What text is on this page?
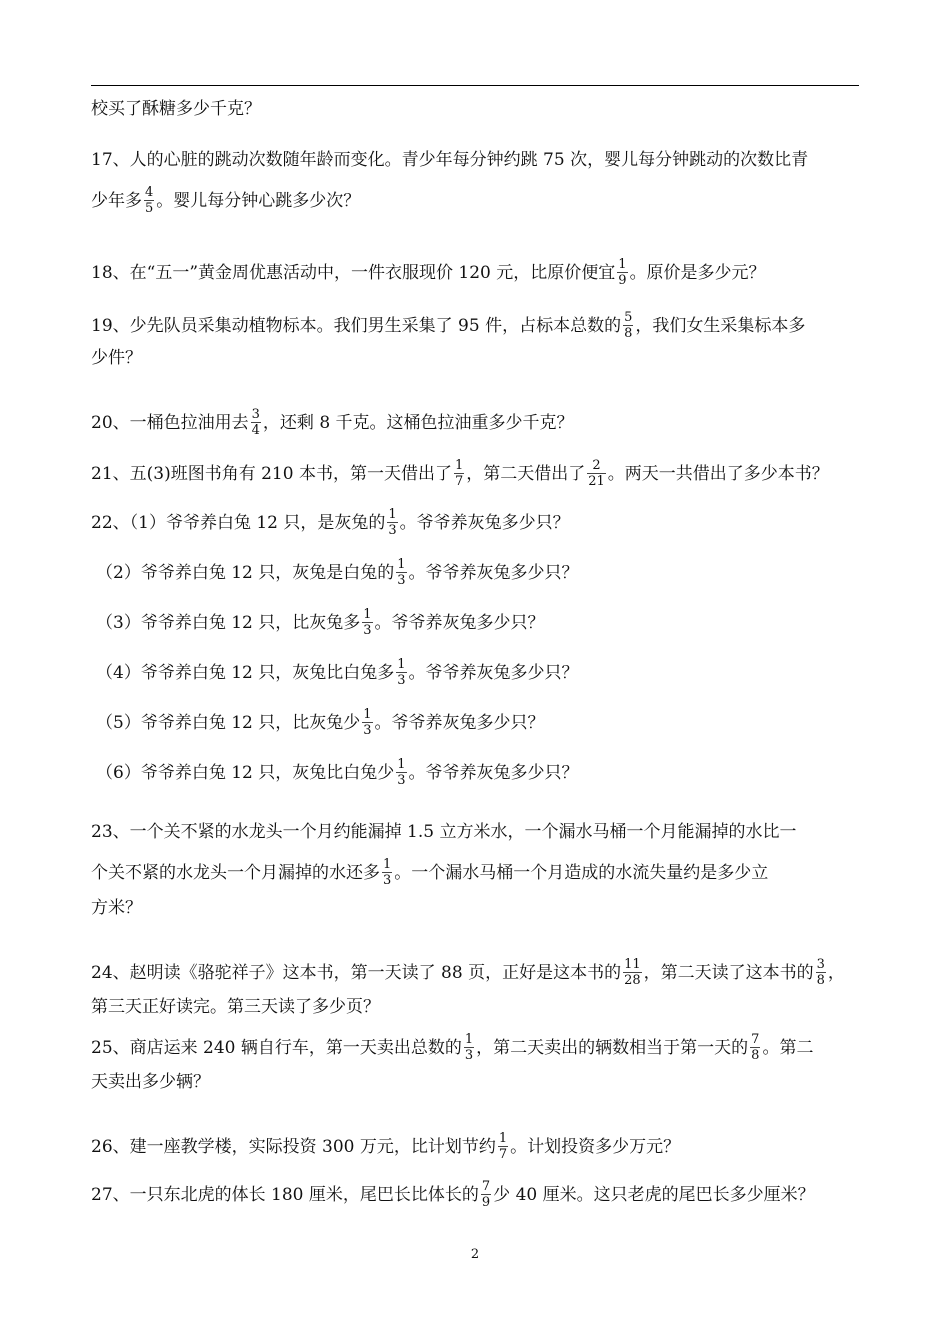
校买了酥糖多少千克？
17、人的心脏的跳动次数随年龄而变化。青少年每分钟约跳 75 次，婴儿每分钟跳动的次数比青
少年多 $\frac{4}{5}$ 。婴儿每分钟心跳多少次？
18、在“五一”黄金周优惠活动中，一件衣服现价 120 元，比原价便宜 $\frac{1}{9}$ 。原价是多少元？
19、少先队员采集动植物标本。我们男生采集了 95 件，占标本总数的 $\frac{5}{8}$ ，我们女生采集标本多
少件？
20、一桶色拉油用去 $\frac{3}{4}$ ，还剩 8 千克。这桶色拉油重多少千克？
21、五(3)班图书角有 210 本书，第一天借出了 $\frac{1}{7}$ ，第二天借出了 $\frac{2}{21}$ 。两天一共借出了多少本书？
22、（1）爷爷养白兔 12 只，是灰兔的 $\frac{1}{3}$ 。爷爷养灰兔多少只？
（2）爷爷养白兔 12 只，灰兔是白兔的 $\frac{1}{3}$ 。爷爷养灰兔多少只？
（3）爷爷养白兔 12 只，比灰兔多 $\frac{1}{3}$ 。爷爷养灰兔多少只？
（4）爷爷养白兔 12 只，灰兔比白兔多 $\frac{1}{3}$ 。爷爷养灰兔多少只？
（5）爷爷养白兔 12 只，比灰兔少 $\frac{1}{3}$ 。爷爷养灰兔多少只？
（6）爷爷养白兔 12 只，灰兔比白兔少 $\frac{1}{3}$ 。爷爷养灰兔多少只？
23、一个关不紧的水龙头一个月约能漏掉 1.5 立方米水，一个漏水马桶一个月能漏掉的水比一
个关不紧的水龙头一个月漏掉的水还多 $\frac{1}{3}$ 。一个漏水马桶一个月造成的水流失量约是多少立
方米？
24、赵明读《骆驼祥子》这本书，第一天读了 88 页，正好是这本书的 $\frac{11}{28}$ ，第二天读了这本书的 $\frac{3}{8}$ ，
第三天正好读完。第三天读了多少页？
25、商店运来 240 辆自行车，第一天卖出总数的 $\frac{1}{3}$ ，第二天卖出的辆数相当于第一天的 $\frac{7}{8}$ 。第二
天卖出多少辆？
26、建一座教学楼，实际投资 300 万元，比计划节约 $\frac{1}{7}$ 。计划投资多少万元？
27、一只东北虎的体长 180 厘米，尾巴长比体长的 $\frac{7}{9}$ 少 40 厘米。这只老虎的尾巴长多少厘米？
2
